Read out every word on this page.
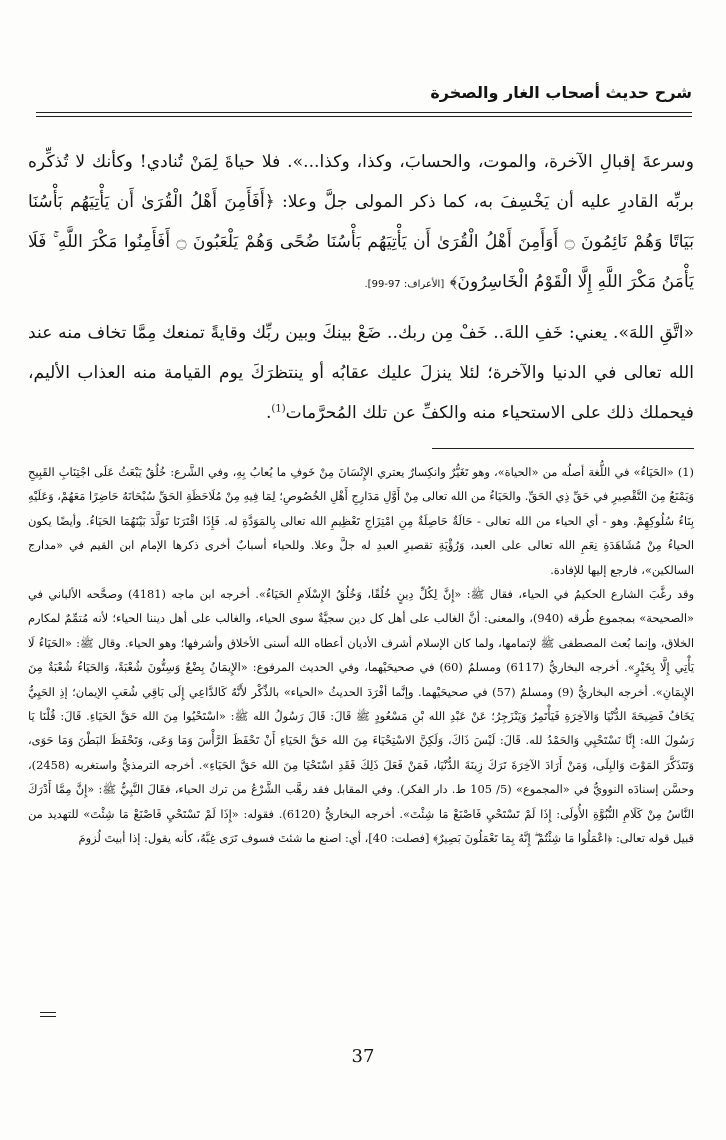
شرح حديث أصحاب الغار والصخرة

وسرعةَ إقبالِ الآخرة، والموت، والحسابَ، وكذا، وكذا...». فلا حياةَ لِمَنْ تُنادي! وكأنك لا تُذكِّره بربِّه القادرِ عليه أن يَخْسِفَ به، كما ذكر المولى جلَّ وعلا: ﴿أَفَأَمِنَ أَهْلُ الْقُرَىٰ أَن يَأْتِيَهُم بَأْسُنَا بَيَاتًا وَهُمْ نَائِمُونَ ۝ أَوَأَمِنَ أَهْلُ الْقُرَىٰ أَن يَأْتِيَهُم بَأْسُنَا ضُحًى وَهُمْ يَلْعَبُونَ ۝ أَفَأَمِنُوا مَكْرَ اللَّهِ ۚ فَلَا يَأْمَنُ مَكْرَ اللَّهِ إِلَّا الْقَوْمُ الْخَاسِرُونَ﴾ [الأعراف: 97-99].

«اتَّقِ اللهَ». يعني: خَفِ اللهَ.. خَفْ مِن ربك.. ضَعْ بينكَ وبين ربِّك وقايةً تمنعك مِمَّا تخاف منه عند الله تعالى في الدنيا والآخرة؛ لئلا ينزلَ عليك عقابُه أو ينتظرَكَ يوم القيامة منه العذاب الأليم، فيحملك ذلك على الاستحياء منه والكفِّ عن تلك المُحرَّمات$^{(1)}$.

(1) «الحَيَاءُ» في اللُّغة أصلُه من «الحياة»، وهو تَغَيُّرٌ وانكِسارٌ يعتري الإِنْسَانَ مِنْ خَوفِ ما يُعابُ بِهِ، وفي الشَّرع: خُلُقٌ يَبْعَثُ عَلَى اجْتِنَابِ القَبِيحِ وَيَمْنَعُ مِنَ التَّقْصِيرِ في حَقِّ ذِي الحَقِّ. والحَيَاءُ من الله تعالى مِنْ أَوَّلِ مَدَارِجِ أَهْلِ الخُصُوصِ؛ لِمَا فِيهِ مِنْ مُلَاحَظَةِ الحَقِّ سُبْحَانَهُ حَاضِرًا مَعَهُمْ، وَعَلَيْهِ بِنَاءُ سُلُوكِهِمْ. وهو - أي الحياء من الله تعالى - حَالَةٌ حَاصِلَةٌ مِنِ امْتِزَاجِ تَعْظِيمِ الله تعالى بِالمَوَدَّةِ له. فَإِذَا اقْتَرَنَا تَوَلَّدَ بَيْنَهُمَا الحَيَاءُ. وأيضًا يكون الحياءُ مِنْ مُشَاهَدَةِ نِعَمِ الله تعالى على العبد، وَرُؤْيَةِ تقصيرِ العبدِ له جلَّ وعلا. وللحياء أسبابٌ أخرى ذكرها الإمام ابن القيم في «مدارج السالكين»، فارجع إليها للإفادة.

وقد رغَّبَ الشارع الحكيمُ في الحياء، فقال ﷺ: «إِنَّ لِكُلِّ دِينٍ خُلُقًا، وَخُلُقُ الإِسْلَامِ الحَيَاءُ». أخرجه ابن ماجه (4181) وصحَّحه الألباني في «الصحيحة» بمجموع طُرقه (940)، والمعنى: أنَّ الغالب على أهل كل دين سجيَّةٌ سوى الحياء، والغالب على أهل ديننا الحياء؛ لأنه مُتمِّمٌ لمكارم الخلاق، وإنما بُعث المصطفى ﷺ لإتمامها، ولما كان الإسلام أشرف الأديان أعطاه الله أسنى الأخلاق وأشرفها؛ وهو الحياء. وقال ﷺ: «الحَيَاءُ لَا يَأْتِي إِلَّا بِخَيْرٍ». أخرجه البخاريُّ (6117) ومسلمٌ (60) في صحيحَيْهما، وفي الحديث المرفوع: «الإِيمَانُ بِضْعٌ وَسِتُّونَ شُعْبَةً، وَالحَيَاءُ شُعْبَةٌ مِنَ الإِيمَانِ». أخرجه البخاريُّ (9) ومسلمٌ (57) في صحيحَيْهما. وإنَّما أفْرَدَ الحديثُ «الحياء» بالذِّكْر لأَنَّهُ كَالدَّاعِي إِلَى بَاقِي شُعَبِ الإيمان؛ إذِ الحَيِيُّ يَخَافُ فَضِيحَةَ الدُّنْيَا وَالآخِرَةِ فَيَأْتَمِرُ وَيَنْزَجِرُ؛ عَنْ عَبْدِ الله بْنِ مَسْعُودٍ ﷺ قَالَ: قَالَ رَسُولُ الله ﷺ: «اسْتَحْيُوا مِنَ الله حَقَّ الحَيَاءِ. قَالَ: قُلْنَا يَا رَسُولَ الله: إِنَّا نَسْتَحْيِي وَالحَمْدُ لله. قَالَ: لَيْسَ ذَاكَ، وَلَكِنَّ الاسْتِحْيَاءَ مِنَ الله حَقَّ الحَيَاءِ أَنْ تَحْفَظَ الرَّأْسَ وَمَا وَعَى، وَتَحْفَظَ البَطْنَ وَمَا حَوَى، وَتَتَذَكَّرَ المَوْتَ وَالبِلَى، وَمَنْ أَرَادَ الآخِرَةَ تَرَكَ زِينَةَ الدُّنْيَا، فَمَنْ فَعَلَ ذَلِكَ فَقَدِ اسْتَحْيَا مِنَ الله حَقَّ الحَيَاءِ». أخرجه الترمذيُّ واستغربه (2458)، وحسَّن إسنادَه النوويُّ في «المجموع» (5/ 105 ط. دار الفكر). وفي المقابل فقد رهَّب الشَّرْعُ من ترك الحياء، فقَالَ النَّبِيُّ ﷺ: «إِنَّ مِمَّا أَدْرَكَ النَّاسُ مِنْ كَلَامِ النُّبُوَّةِ الأُولَى: إِذَا لَمْ تَسْتَحْيِ فَاصْنَعْ مَا شِئْتَ». أخرجه البخاريُّ (6120). فقوله: «إِذَا لَمْ تَسْتَحْيِ فَاصْنَعْ مَا شِئْتَ» للتهديد من قبيل قوله تعالى: ﴿اعْمَلُوا مَا شِئْتُمْ ۖ إِنَّهُ بِمَا تَعْمَلُونَ بَصِيرٌ﴾ [فصلت: 40]، أي: اصنع ما شئتَ فسوف تَرَى غِبَّهُ، كأنه يقول: إذا أبيتَ لُزومَ

37
